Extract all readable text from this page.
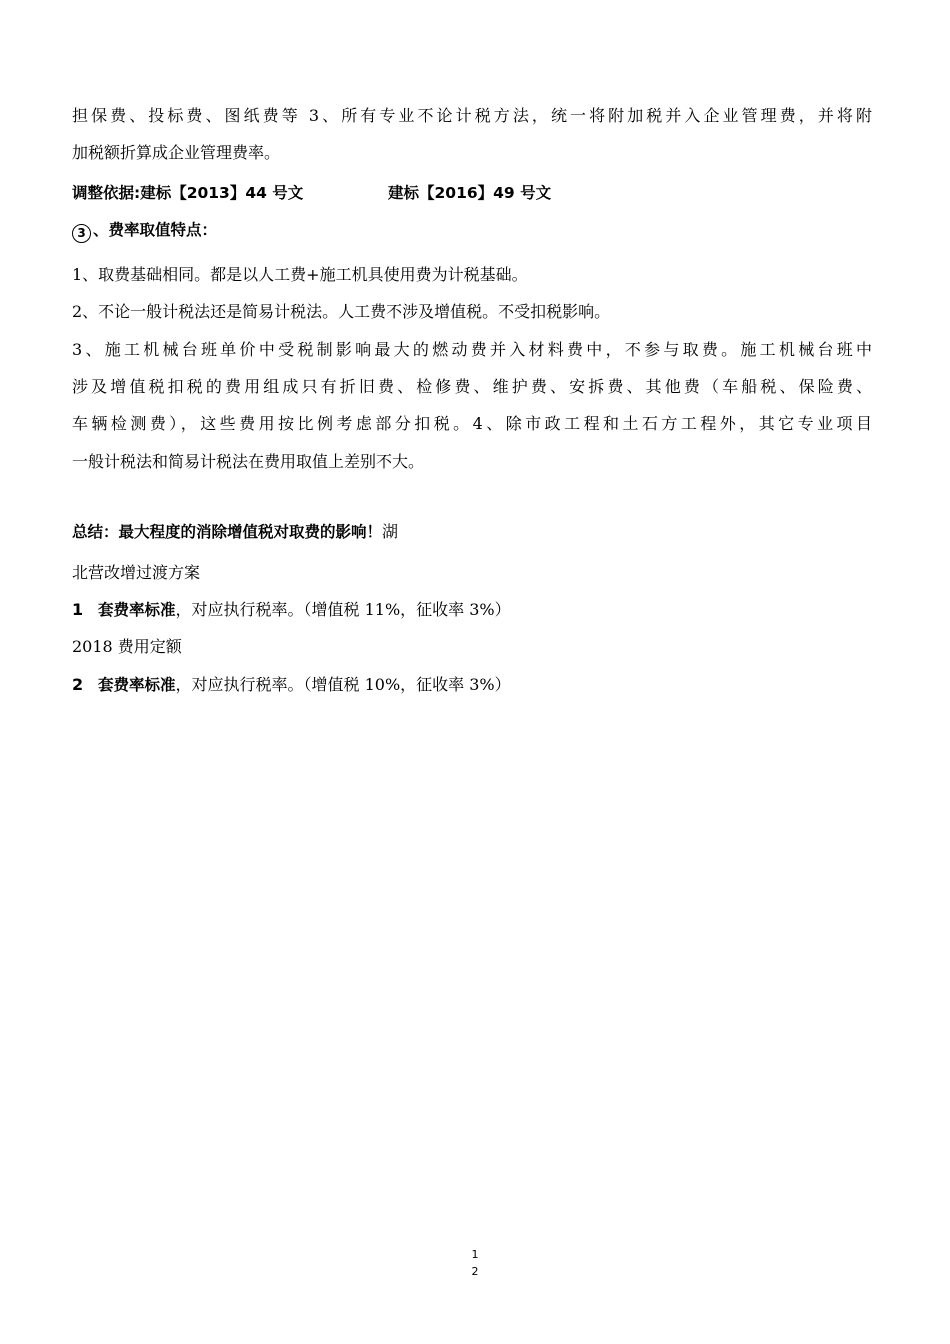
担保费、投标费、图纸费等 3、所有专业不论计税方法，统一将附加税并入企业管理费，并将附
加税额折算成企业管理费率。
调整依据:建标【2013】44 号文	建标【2016】49 号文
3 、费率取值特点：
1、取费基础相同。都是以人工费+施工机具使用费为计税基础。
2、不论一般计税法还是简易计税法。人工费不涉及增值税。不受扣税影响。
3、施工机械台班单价中受税制影响最大的燃动费并入材料费中，不参与取费。施工机械台班中
涉及增值税扣税的费用组成只有折旧费、检修费、维护费、安拆费、其他费（车船税、保险费、
车辆检测费），这些费用按比例考虑部分扣税。4、除市政工程和土石方工程外，其它专业项目
一般计税法和简易计税法在费用取值上差别不大。
总结：最大程度的消除增值税对取费的影响！湖
北营改增过渡方案
1 套费率标准，对应执行税率。（增值税 11%，征收率 3%）
2018 费用定额
2 套费率标准，对应执行税率。（增值税 10%，征收率 3%）
1
2
